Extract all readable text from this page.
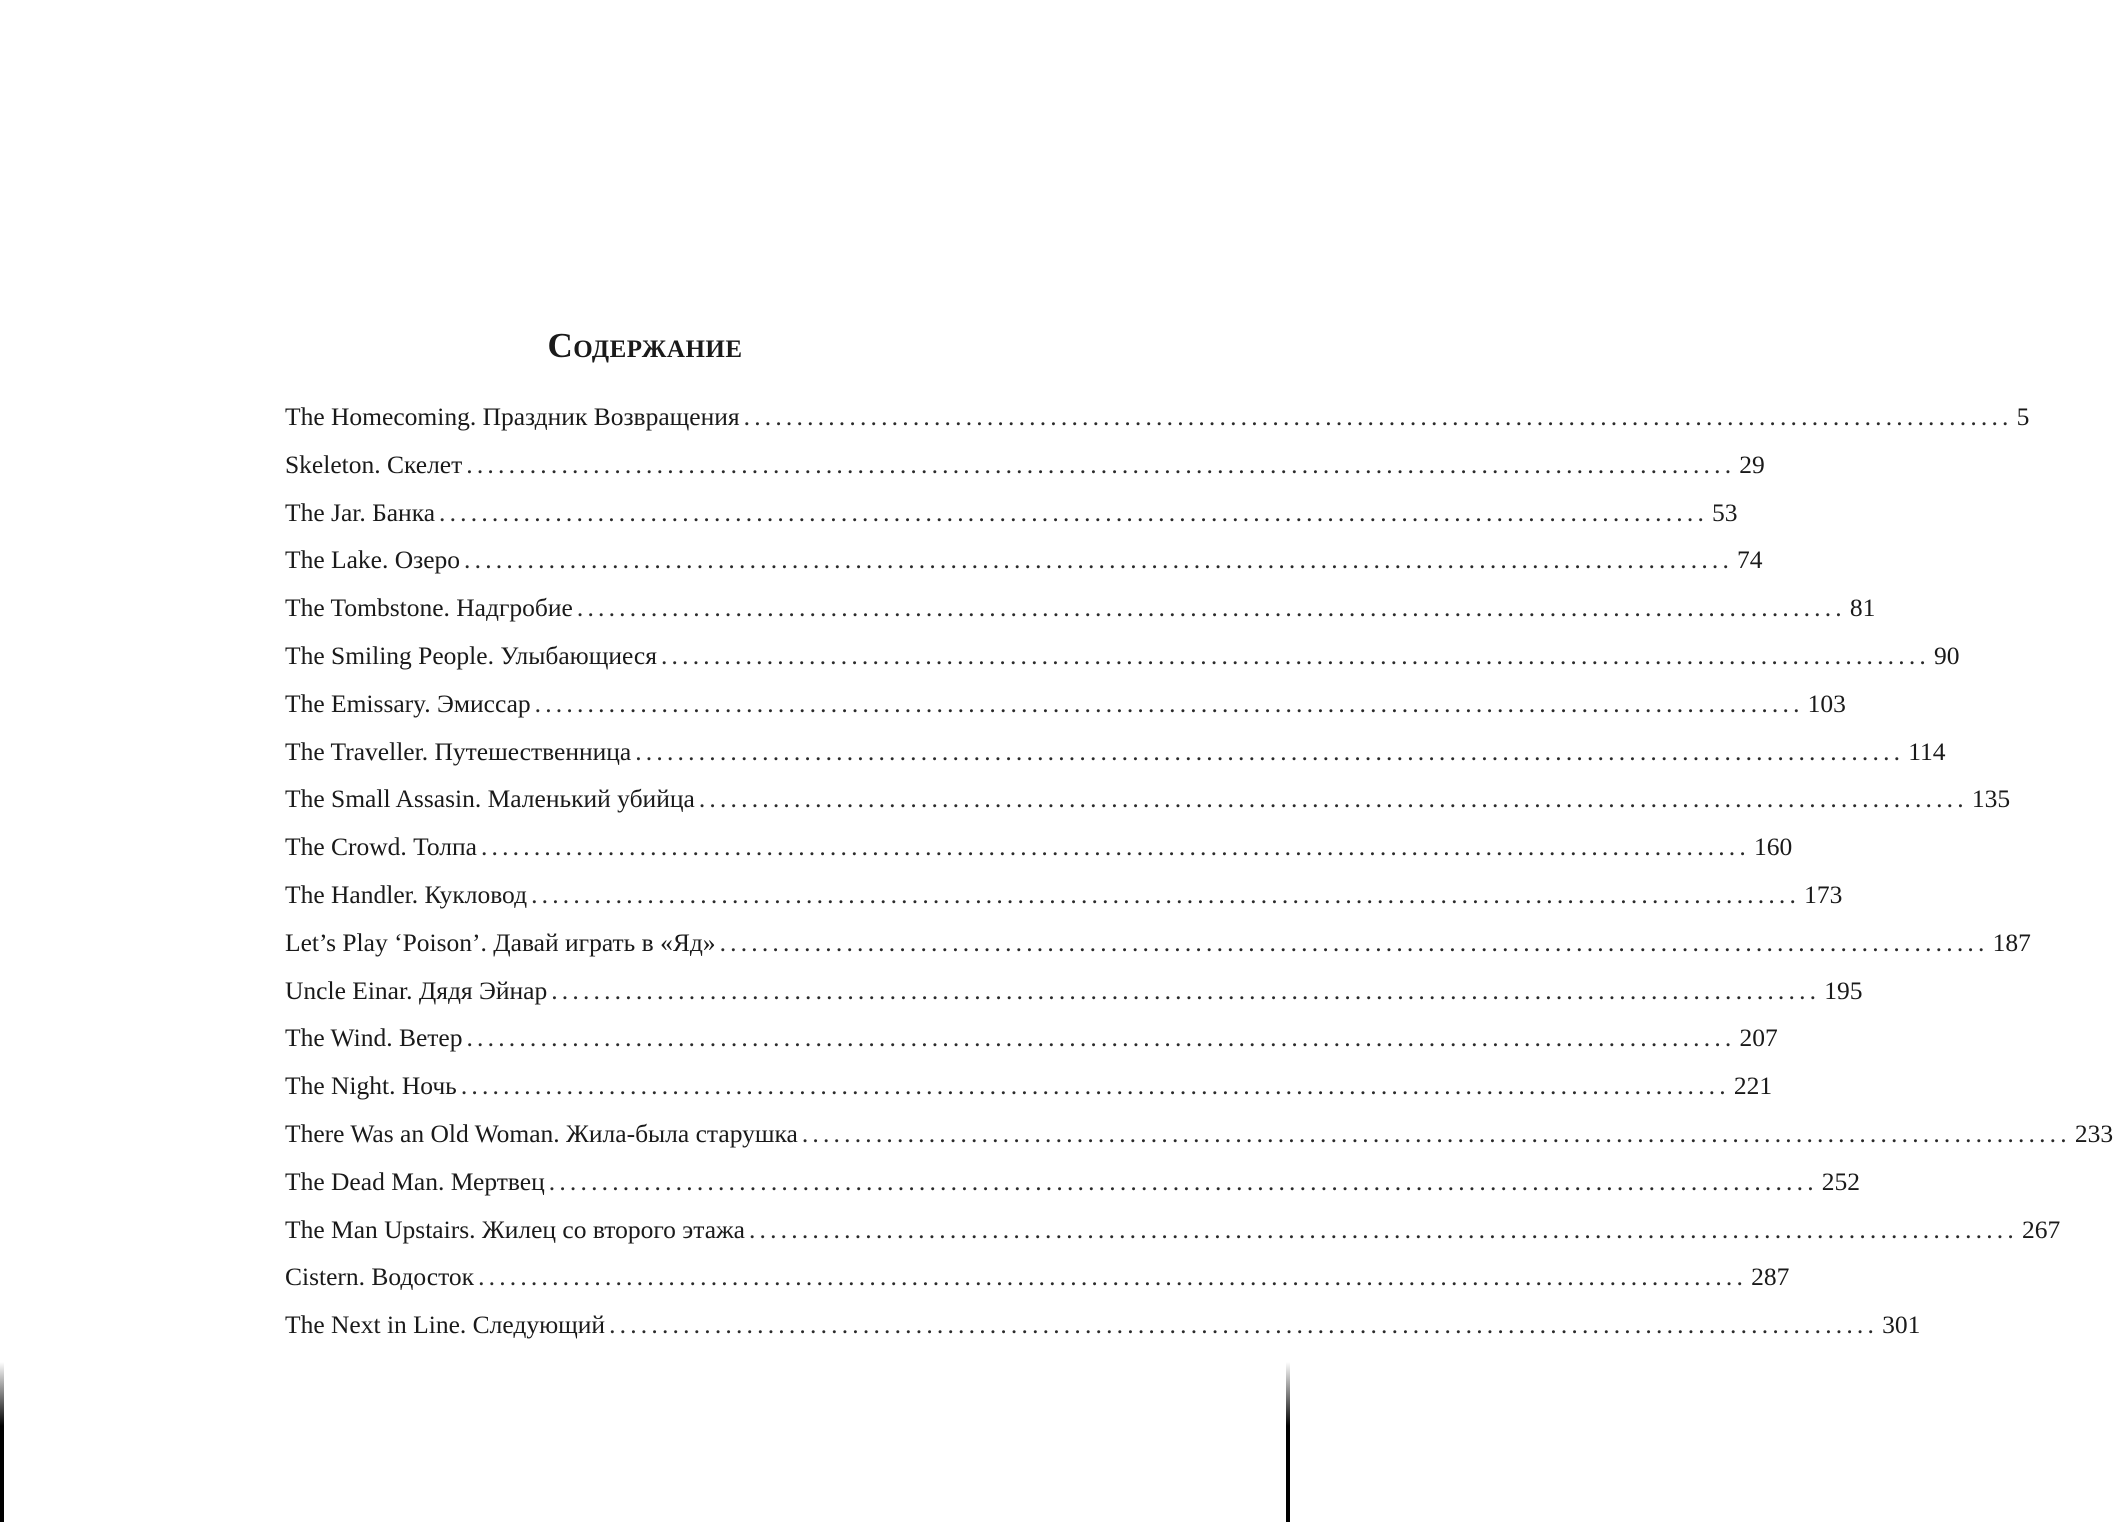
Содержание
The Homecoming. Праздник Возвращения ........................................................................................................................ 5
Skeleton. Скелет ........................................................................................................................ 29
The Jar. Банка ........................................................................................................................ 53
The Lake. Озеро ........................................................................................................................ 74
The Tombstone. Надгробие ........................................................................................................................ 81
The Smiling People. Улыбающиеся ........................................................................................................................ 90
The Emissary. Эмиссар ........................................................................................................................ 103
The Traveller. Путешественница ........................................................................................................................ 114
The Small Assasin. Маленький убийца ........................................................................................................................ 135
The Crowd. Толпа ........................................................................................................................ 160
The Handler. Кукловод ........................................................................................................................ 173
Let’s Play ‘Poison’. Давай играть в «Яд» ........................................................................................................................ 187
Uncle Einar. Дядя Эйнар ........................................................................................................................ 195
The Wind. Ветер ........................................................................................................................ 207
The Night. Ночь ........................................................................................................................ 221
There Was an Old Woman. Жила-была старушка ........................................................................................................................ 233
The Dead Man. Мертвец ........................................................................................................................ 252
The Man Upstairs. Жилец со второго этажа ........................................................................................................................ 267
Cistern. Водосток ........................................................................................................................ 287
The Next in Line. Следующий ........................................................................................................................ 301
